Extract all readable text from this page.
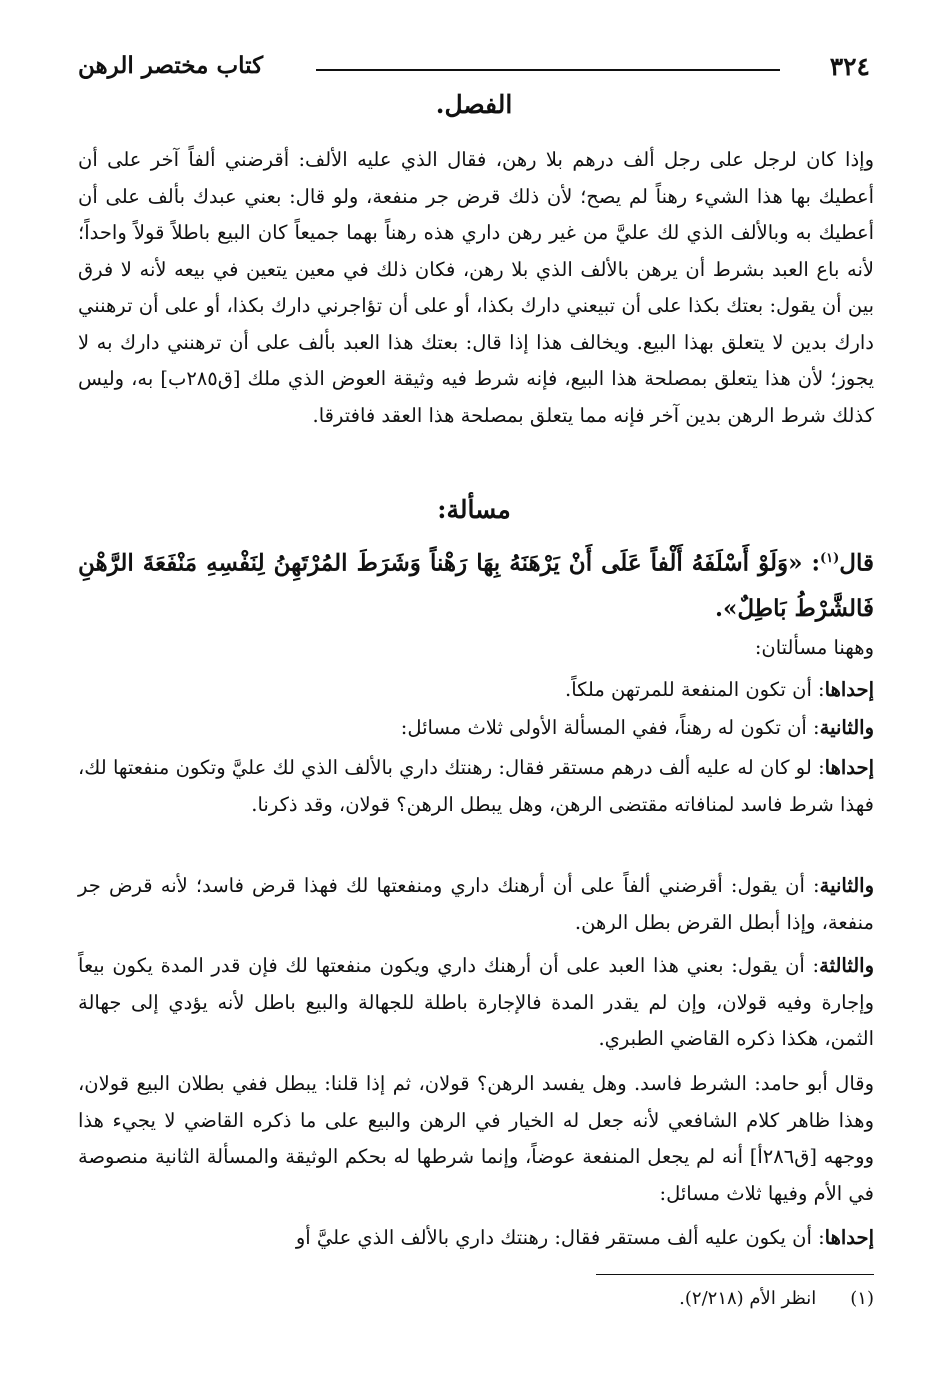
٣٢٤
كتاب مختصر الرهن
الفصل.

وإذا كان لرجل على رجل ألف درهم بلا رهن، فقال الذي عليه الألف: أقرضني ألفاً آخر على أن أعطيك بها هذا الشيء رهناً لم يصح؛ لأن ذلك قرض جر منفعة، ولو قال: بعني عبدك بألف على أن أعطيك به وبالألف الذي لك عليَّ من غير رهن داري هذه رهناً بهما جميعاً كان البيع باطلاً قولاً واحداً؛ لأنه باع العبد بشرط أن يرهن بالألف الذي بلا رهن، فكان ذلك في معين يتعين في بيعه لأنه لا فرق بين أن يقول: بعتك بكذا على أن تبيعني دارك بكذا، أو على أن تؤاجرني دارك بكذا، أو على أن ترهنني دارك بدين لا يتعلق بهذا البيع. ويخالف هذا إذا قال: بعتك هذا العبد بألف على أن ترهنني دارك به لا يجوز؛ لأن هذا يتعلق بمصلحة هذا البيع، فإنه شرط فيه وثيقة العوض الذي ملك [ق٢٨٥ب] به، وليس كذلك شرط الرهن بدين آخر فإنه مما يتعلق بمصلحة هذا العقد فافترقا.

مسألة:

قال$^{(١)}$: «وَلَوْ أَسْلَفَهُ أَلْفاً عَلَى أَنْ يَرْهَنَهُ بِهَا رَهْناً وَشَرَطَ المُرْتَهِنُ لِنَفْسِهِ مَنْفَعَةَ الرَّهْنِ فَالشَّرْطُ بَاطِلٌ».

وههنا مسألتان:

إحداها: أن تكون المنفعة للمرتهن ملكاً.

والثانية: أن تكون له رهناً، ففي المسألة الأولى ثلاث مسائل:

إحداها: لو كان له عليه ألف درهم مستقر فقال: رهنتك داري بالألف الذي لك عليَّ وتكون منفعتها لك، فهذا شرط فاسد لمنافاته مقتضى الرهن، وهل يبطل الرهن؟ قولان، وقد ذكرنا.

والثانية: أن يقول: أقرضني ألفاً على أن أرهنك داري ومنفعتها لك فهذا قرض فاسد؛ لأنه قرض جر منفعة، وإذا أبطل القرض بطل الرهن.

والثالثة: أن يقول: بعني هذا العبد على أن أرهنك داري ويكون منفعتها لك فإن قدر المدة يكون بيعاً وإجارة وفيه قولان، وإن لم يقدر المدة فالإجارة باطلة للجهالة والبيع باطل لأنه يؤدي إلى جهالة الثمن، هكذا ذكره القاضي الطبري.

وقال أبو حامد: الشرط فاسد. وهل يفسد الرهن؟ قولان، ثم إذا قلنا: يبطل ففي بطلان البيع قولان، وهذا ظاهر كلام الشافعي لأنه جعل له الخيار في الرهن والبيع على ما ذكره القاضي لا يجيء هذا ووجهه [ق٢٨٦أ] أنه لم يجعل المنفعة عوضاً، وإنما شرطها له بحكم الوثيقة والمسألة الثانية منصوصة في الأم وفيها ثلاث مسائل:

إحداها: أن يكون عليه ألف مستقر فقال: رهنتك داري بالألف الذي عليَّ أو

(١)انظر الأم (٢/٢١٨).
